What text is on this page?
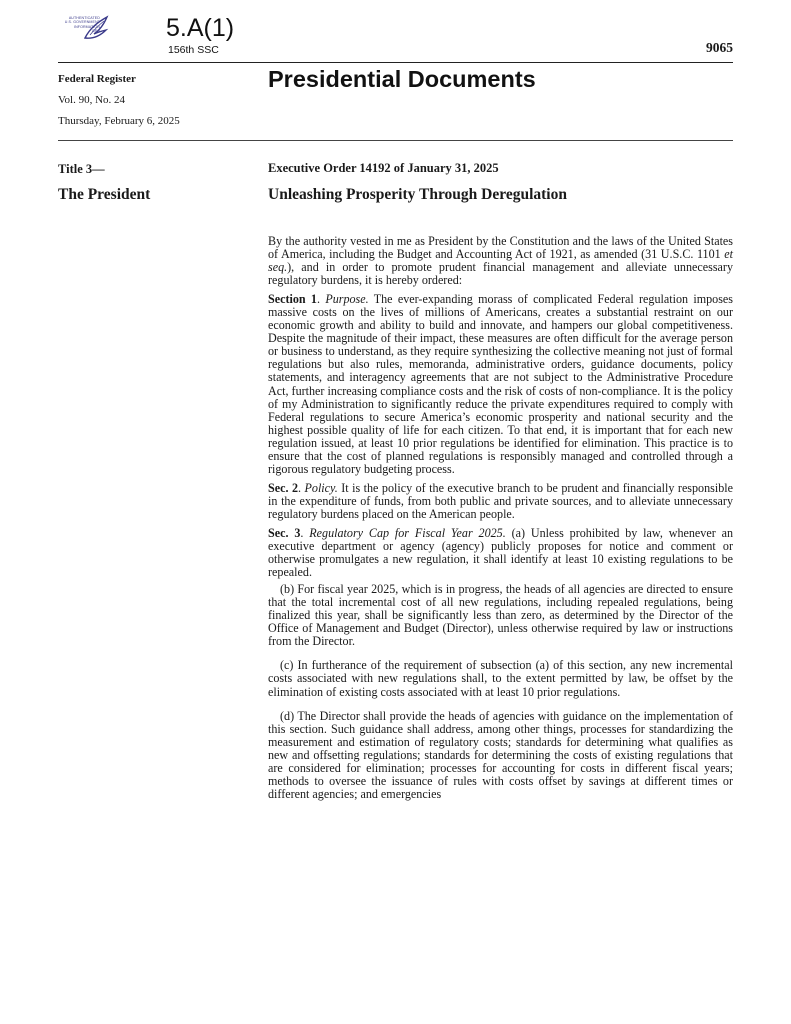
AUTHENTICATED
U.S. GOVERNMENT
INFORMATION
GPO	5.A(1)
156th SSC	9065
Federal Register
Vol. 90, No. 24
Thursday, February 6, 2025
Presidential Documents
Title 3—
The President
Executive Order 14192 of January 31, 2025
Unleashing Prosperity Through Deregulation

By the authority vested in me as President by the Constitution and the laws of the United States of America, including the Budget and Accounting Act of 1921, as amended (31 U.S.C. 1101 et seq.), and in order to promote prudent financial management and alleviate unnecessary regulatory burdens, it is hereby ordered:

Section 1. Purpose. The ever-expanding morass of complicated Federal regulation imposes massive costs on the lives of millions of Americans, creates a substantial restraint on our economic growth and ability to build and innovate, and hampers our global competitiveness. Despite the magnitude of their impact, these measures are often difficult for the average person or business to understand, as they require synthesizing the collective meaning not just of formal regulations but also rules, memoranda, administrative orders, guidance documents, policy statements, and interagency agreements that are not subject to the Administrative Procedure Act, further increasing compliance costs and the risk of costs of non-compliance. It is the policy of my Administration to significantly reduce the private expenditures required to comply with Federal regulations to secure America’s economic prosperity and national security and the highest possible quality of life for each citizen. To that end, it is important that for each new regulation issued, at least 10 prior regulations be identified for elimination. This practice is to ensure that the cost of planned regulations is responsibly managed and controlled through a rigorous regulatory budgeting process.

Sec. 2. Policy. It is the policy of the executive branch to be prudent and financially responsible in the expenditure of funds, from both public and private sources, and to alleviate unnecessary regulatory burdens placed on the American people.

Sec. 3. Regulatory Cap for Fiscal Year 2025. (a) Unless prohibited by law, whenever an executive department or agency (agency) publicly proposes for notice and comment or otherwise promulgates a new regulation, it shall identify at least 10 existing regulations to be repealed.

(b) For fiscal year 2025, which is in progress, the heads of all agencies are directed to ensure that the total incremental cost of all new regulations, including repealed regulations, being finalized this year, shall be significantly less than zero, as determined by the Director of the Office of Management and Budget (Director), unless otherwise required by law or instructions from the Director.

(c) In furtherance of the requirement of subsection (a) of this section, any new incremental costs associated with new regulations shall, to the extent permitted by law, be offset by the elimination of existing costs associated with at least 10 prior regulations.

(d) The Director shall provide the heads of agencies with guidance on the implementation of this section. Such guidance shall address, among other things, processes for standardizing the measurement and estimation of regulatory costs; standards for determining what qualifies as new and offsetting regulations; standards for determining the costs of existing regulations that are considered for elimination; processes for accounting for costs in different fiscal years; methods to oversee the issuance of rules with costs offset by savings at different times or different agencies; and emergencies
